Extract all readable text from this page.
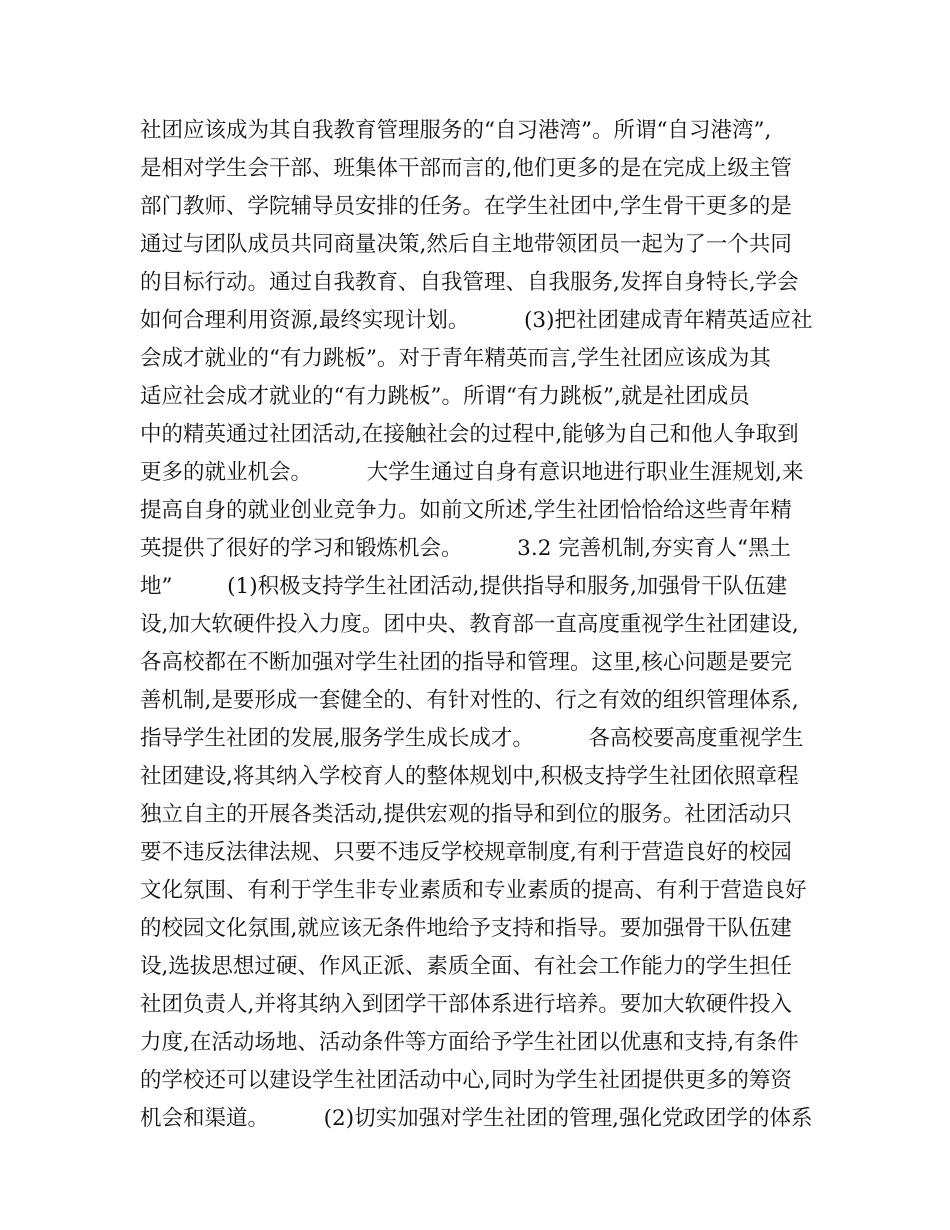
社团应该成为其自我教育管理服务的“自习港湾”。所谓“自习港湾”,
是相对学生会干部、班集体干部而言的,他们更多的是在完成上级主管
部门教师、学院辅导员安排的任务。在学生社团中,学生骨干更多的是
通过与团队成员共同商量决策,然后自主地带领团员一起为了一个共同
的目标行动。通过自我教育、自我管理、自我服务,发挥自身特长,学会
如何合理利用资源,最终实现计划。        (3)把社团建成青年精英适应社
会成才就业的“有力跳板”。对于青年精英而言,学生社团应该成为其
适应社会成才就业的“有力跳板”。所谓“有力跳板”,就是社团成员
中的精英通过社团活动,在接触社会的过程中,能够为自己和他人争取到
更多的就业机会。        大学生通过自身有意识地进行职业生涯规划,来
提高自身的就业创业竞争力。如前文所述,学生社团恰恰给这些青年精
英提供了很好的学习和锻炼机会。        3.2 完善机制,夯实育人“黑土
地”        (1)积极支持学生社团活动,提供指导和服务,加强骨干队伍建
设,加大软硬件投入力度。团中央、教育部一直高度重视学生社团建设,
各高校都在不断加强对学生社团的指导和管理。这里,核心问题是要完
善机制,是要形成一套健全的、有针对性的、行之有效的组织管理体系,
指导学生社团的发展,服务学生成长成才。        各高校要高度重视学生
社团建设,将其纳入学校育人的整体规划中,积极支持学生社团依照章程
独立自主的开展各类活动,提供宏观的指导和到位的服务。社团活动只
要不违反法律法规、只要不违反学校规章制度,有利于营造良好的校园
文化氛围、有利于学生非专业素质和专业素质的提高、有利于营造良好
的校园文化氛围,就应该无条件地给予支持和指导。要加强骨干队伍建
设,选拔思想过硬、作风正派、素质全面、有社会工作能力的学生担任
社团负责人,并将其纳入到团学干部体系进行培养。要加大软硬件投入
力度,在活动场地、活动条件等方面给予学生社团以优惠和支持,有条件
的学校还可以建设学生社团活动中心,同时为学生社团提供更多的筹资
机会和渠道。        (2)切实加强对学生社团的管理,强化党政团学的体系
